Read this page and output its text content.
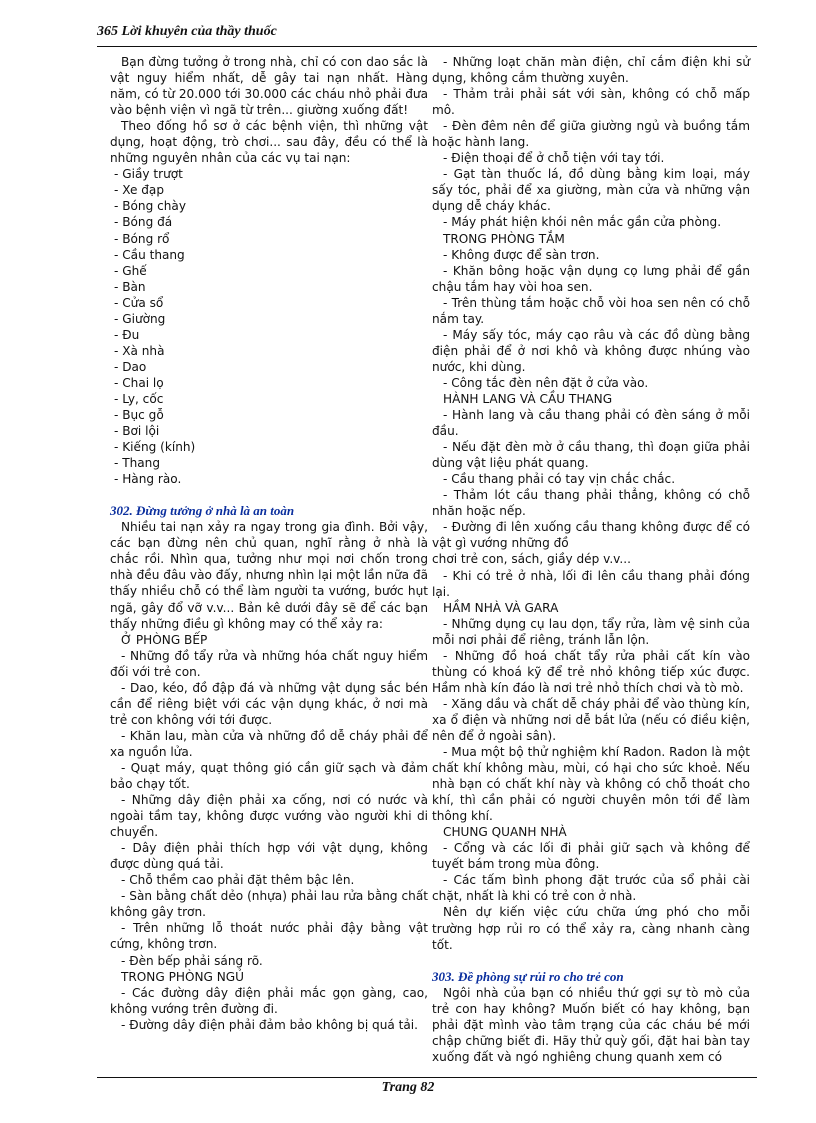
365 Lời khuyên của thầy thuốc

Bạn đừng tưởng ở trong nhà, chỉ có con dao sắc là vật nguy hiểm nhất, dễ gây tai nạn nhất. Hàng năm, có từ 20.000 tới 30.000 các cháu nhỏ phải đưa vào bệnh viện vì ngã từ trên... giường xuống đất!

Theo đống hồ sơ ở các bệnh viện, thì những vật dụng, hoạt động, trò chơi... sau đây, đều có thể là những nguyên nhân của các vụ tai nạn:

- Giầy trượt

- Xe đạp

- Bóng chày

- Bóng đá

- Bóng rổ

- Cầu thang

- Ghế

- Bàn

- Cửa sổ

- Giường

- Đu

- Xà nhà

- Dao

- Chai lọ

- Ly, cốc

- Bục gỗ

- Bơi lội

- Kiếng (kính)

- Thang

- Hàng rào.

302. Đừng tưởng ở nhà là an toàn

Nhiều tai nạn xảy ra ngay trong gia đình. Bởi vậy, các bạn đừng nên chủ quan, nghĩ rằng ở nhà là chắc rồi. Nhìn qua, tưởng như mọi nơi chốn trong nhà đều đâu vào đấy, nhưng nhìn lại một lần nữa đã thấy nhiều chỗ có thể làm người ta vướng, bước hụt ngã, gây đổ vỡ v.v... Bản kê dưới đây sẽ để các bạn thấy những điều gì không may có thể xảy ra:

Ở PHÒNG BẾP

- Những đồ tẩy rửa và những hóa chất nguy hiểm đối với trẻ con.

- Dao, kéo, đồ đập đá và những vật dụng sắc bén cần để riêng biệt với các vận dụng khác, ở nơi mà trẻ con không với tới được.

- Khăn lau, màn cửa và những đồ dễ cháy phải để xa nguồn lửa.

- Quạt máy, quạt thông gió cần giữ sạch và đảm bảo chạy tốt.

- Những dây điện phải xa cống, nơi có nước và ngoài tầm tay, không được vướng vào người khi di chuyển.

- Dây điện phải thích hợp với vật dụng, không được dùng quá tải.

- Chỗ thềm cao phải đặt thêm bậc lên.

- Sàn bằng chất dẻo (nhựa) phải lau rửa bằng chất không gây trơn.

- Trên những lỗ thoát nước phải đậy bằng vật cứng, không trơn.

- Đèn bếp phải sáng rõ.

TRONG PHÒNG NGỦ

- Các đường dây điện phải mắc gọn gàng, cao, không vướng trên đường đi.

- Đường dây điện phải đảm bảo không bị quá tải.

- Những loạt chăn màn điện, chỉ cắm điện khi sử dụng, không cắm thường xuyên.

- Thảm trải phải sát với sàn, không có chỗ mấp mô.

- Đèn đêm nên để giữa giường ngủ và buồng tắm hoặc hành lang.

- Điện thoại để ở chỗ tiện với tay tới.

- Gạt tàn thuốc lá, đồ dùng bằng kim loại, máy sấy tóc, phải để xa giường, màn cửa và những vận dụng dễ cháy khác.

- Máy phát hiện khói nên mắc gần cửa phòng.

TRONG PHÒNG TẮM

- Không được để sàn trơn.

- Khăn bông hoặc vận dụng cọ lưng phải để gần chậu tắm hay vòi hoa sen.

- Trên thùng tắm hoặc chỗ vòi hoa sen nên có chỗ nắm tay.

- Máy sấy tóc, máy cạo râu và các đồ dùng bằng điện phải để ở nơi khô và không được nhúng vào nước, khi dùng.

- Công tắc đèn nên đặt ở cửa vào.

HÀNH LANG VÀ CẦU THANG

- Hành lang và cầu thang phải có đèn sáng ở mỗi đầu.

- Nếu đặt đèn mờ ở cầu thang, thì đoạn giữa phải dùng vật liệu phát quang.

- Cầu thang phải có tay vịn chắc chắc.

- Thảm lót cầu thang phải thẳng, không có chỗ nhăn hoặc nếp.

- Đường đi lên xuống cầu thang không được để có vật gì vướng những đồ

chơi trẻ con, sách, giầy dép v.v...

- Khi có trẻ ở nhà, lối đi lên cầu thang phải đóng lại.

HẦM NHÀ VÀ GARA

- Những dụng cụ lau dọn, tẩy rửa, làm vệ sinh của mỗi nơi phải để riêng, tránh lẫn lộn.

- Những đồ hoá chất tẩy rửa phải cất kín vào thùng có khoá kỹ để trẻ nhỏ không tiếp xúc được. Hầm nhà kín đáo là nơi trẻ nhỏ thích chơi và tò mò.

- Xăng dầu và chất dễ cháy phải để vào thùng kín, xa ổ điện và những nơi dễ bắt lửa (nếu có điều kiện, nên để ở ngoài sân).

- Mua một bộ thử nghiệm khí Radon. Radon là một chất khí không màu, mùi, có hại cho sức khoẻ. Nếu nhà bạn có chất khí này và không có chỗ thoát cho khí, thì cần phải có người chuyên môn tới để làm thông khí.

CHUNG QUANH NHÀ

- Cổng và các lối đi phải giữ sạch và không để tuyết bám trong mùa đông.

- Các tấm bình phong đặt trước của sổ phải cài chặt, nhất là khi có trẻ con ở nhà.

Nên dự kiến việc cứu chữa ứng phó cho mỗi trường hợp rủi ro có thể xảy ra, càng nhanh càng tốt.

303. Đề phòng sự rủi ro cho trẻ con

Ngôi nhà của bạn có nhiều thứ gợi sự tò mò của trẻ con hay không? Muốn biết có hay không, bạn phải đặt mình vào tâm trạng của các cháu bé mới chập chững biết đi. Hãy thử quỳ gối, đặt hai bàn tay xuống đất và ngó nghiêng chung quanh xem có

Trang 82
